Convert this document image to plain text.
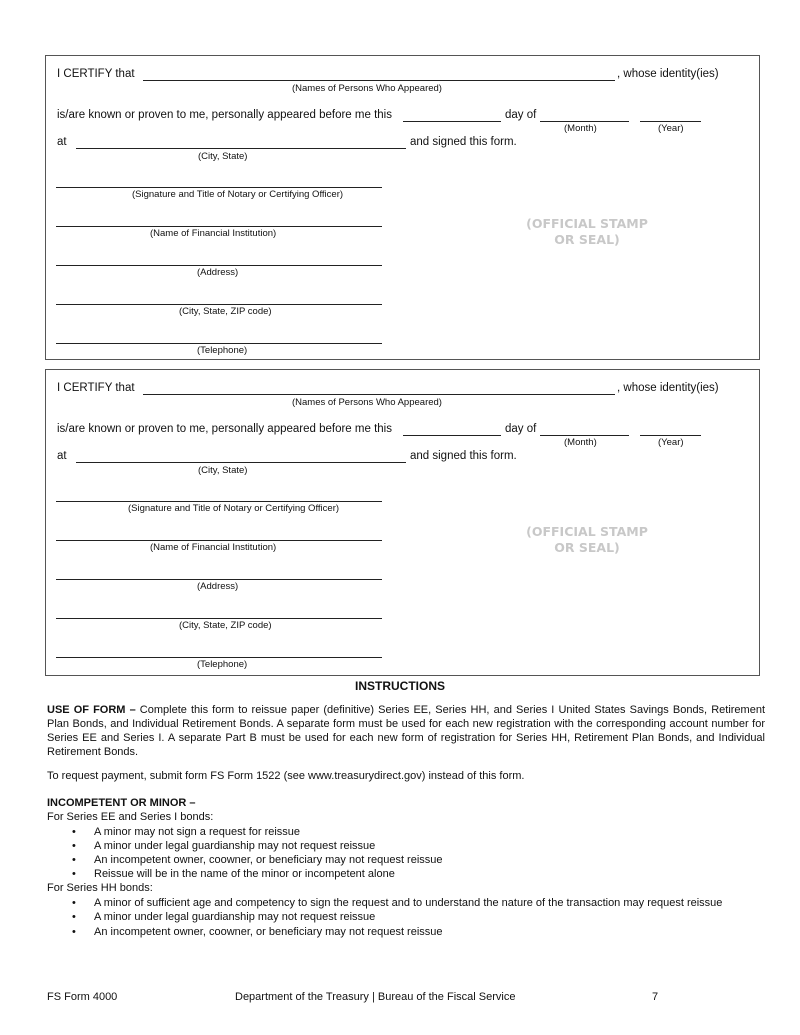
I CERTIFY that	, whose identity(ies)
(Names of Persons Who Appeared)
is/are known or proven to me, personally appeared before me this	day of
(Month)	(Year)
at	and signed this form.
(City, State)
(Signature and Title of Notary or Certifying Officer)
(Name of Financial Institution)
(Address)
(City, State, ZIP code)
(Telephone)
(OFFICIAL STAMP
OR SEAL)
I CERTIFY that	, whose identity(ies)
(Names of Persons Who Appeared)
is/are known or proven to me, personally appeared before me this	day of
(Month)	(Year)
at	and signed this form.
(City, State)
(Signature and Title of Notary or Certifying Officer)
(Name of Financial Institution)
(Address)
(City, State, ZIP code)
(Telephone)
(OFFICIAL STAMP
OR SEAL)
INSTRUCTIONS
USE OF FORM – Complete this form to reissue paper (definitive) Series EE, Series HH, and Series I United States Savings Bonds, Retirement Plan Bonds, and Individual Retirement Bonds. A separate form must be used for each new registration with the corresponding account number for Series EE and Series I. A separate Part B must be used for each new form of registration for Series HH, Retirement Plan Bonds, and Individual Retirement Bonds.
To request payment, submit form FS Form 1522 (see www.treasurydirect.gov) instead of this form.
INCOMPETENT OR MINOR –
For Series EE and Series I bonds:
• A minor may not sign a request for reissue
• A minor under legal guardianship may not request reissue
• An incompetent owner, coowner, or beneficiary may not request reissue
• Reissue will be in the name of the minor or incompetent alone
For Series HH bonds:
• A minor of sufficient age and competency to sign the request and to understand the nature of the transaction may request reissue
• A minor under legal guardianship may not request reissue
• An incompetent owner, coowner, or beneficiary may not request reissue
FS Form 4000	Department of the Treasury | Bureau of the Fiscal Service	7
